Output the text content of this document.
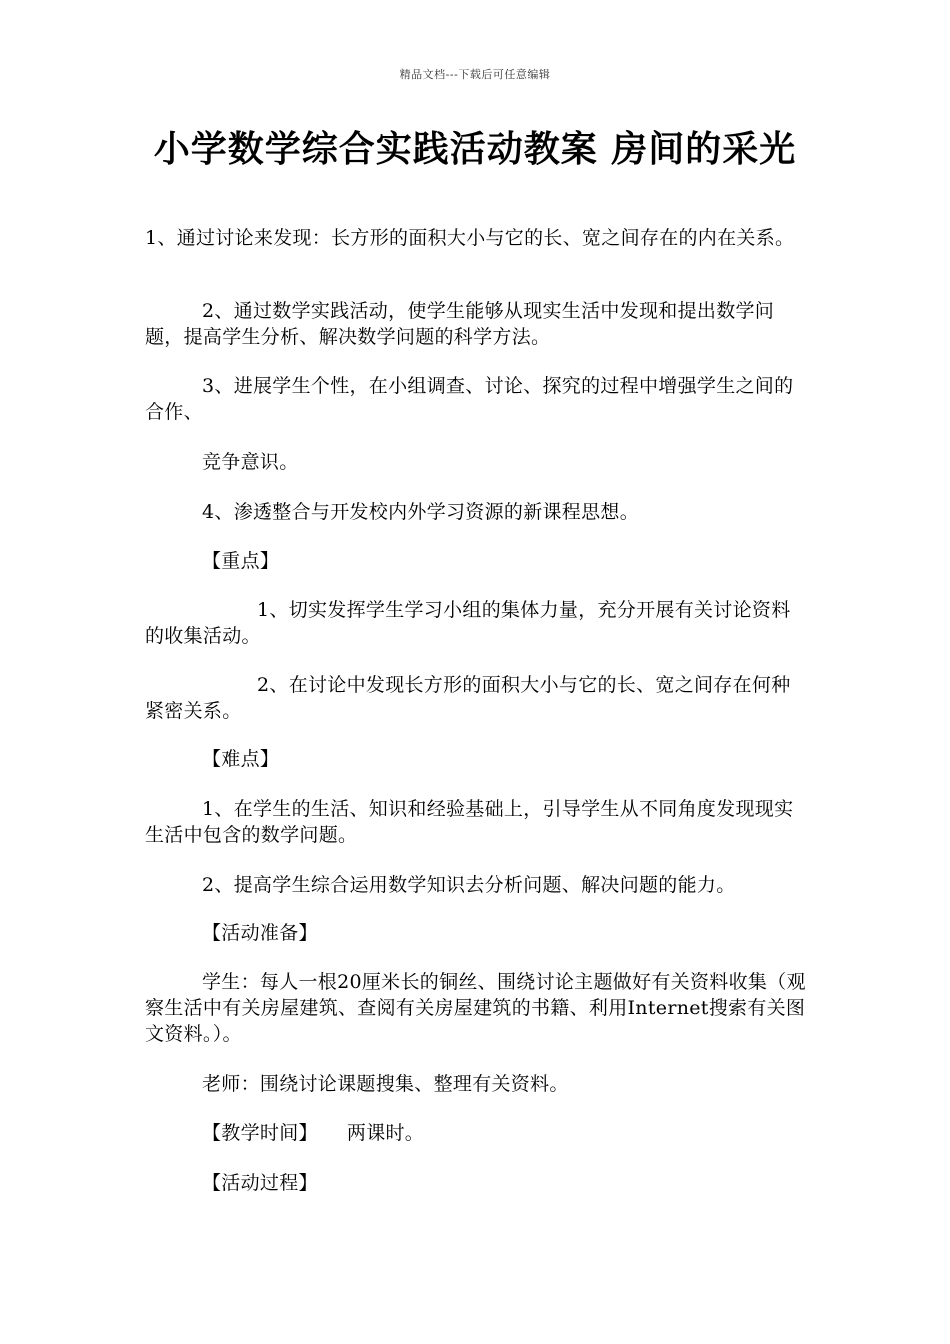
精品文档---下载后可任意编辑
小学数学综合实践活动教案 房间的采光

1、通过讨论来发现：长方形的面积大小与它的长、宽之间存在的内在关系。

2、通过数学实践活动，使学生能够从现实生活中发现和提出数学问题，提高学生分析、解决数学问题的科学方法。

3、进展学生个性，在小组调查、讨论、探究的过程中增强学生之间的合作、

竞争意识。

4、渗透整合与开发校内外学习资源的新课程思想。

【重点】

1、切实发挥学生学习小组的集体力量，充分开展有关讨论资料的收集活动。

2、在讨论中发现长方形的面积大小与它的长、宽之间存在何种紧密关系。

【难点】

1、在学生的生活、知识和经验基础上，引导学生从不同角度发现现实生活中包含的数学问题。

2、提高学生综合运用数学知识去分析问题、解决问题的能力。

【活动准备】

学生：每人一根20厘米长的铜丝、围绕讨论主题做好有关资料收集（观察生活中有关房屋建筑、查阅有关房屋建筑的书籍、利用Internet搜索有关图文资料。）。

老师：围绕讨论课题搜集、整理有关资料。

【教学时间】　　两课时。

【活动过程】
